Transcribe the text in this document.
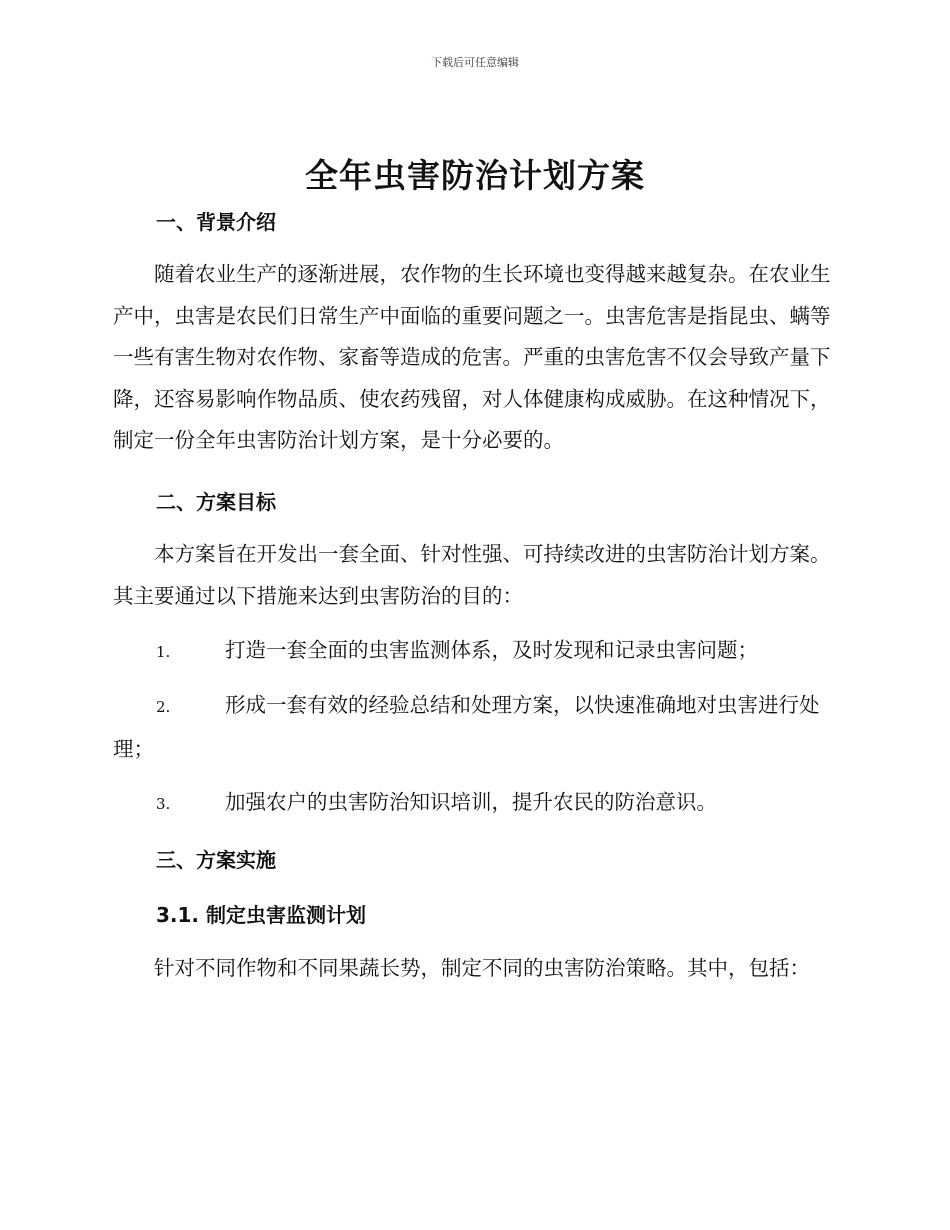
下载后可任意编辑
全年虫害防治计划方案
一、背景介绍
随着农业生产的逐渐进展，农作物的生长环境也变得越来越复杂。在农业生产中，虫害是农民们日常生产中面临的重要问题之一。虫害危害是指昆虫、螨等一些有害生物对农作物、家畜等造成的危害。严重的虫害危害不仅会导致产量下降，还容易影响作物品质、使农药残留，对人体健康构成威胁。在这种情况下，制定一份全年虫害防治计划方案，是十分必要的。
二、方案目标
本方案旨在开发出一套全面、针对性强、可持续改进的虫害防治计划方案。其主要通过以下措施来达到虫害防治的目的：
1.	打造一套全面的虫害监测体系，及时发现和记录虫害问题；
2.	形成一套有效的经验总结和处理方案，以快速准确地对虫害进行处理；
3.	加强农户的虫害防治知识培训，提升农民的防治意识。
三、方案实施
3.1. 制定虫害监测计划
针对不同作物和不同果蔬长势，制定不同的虫害防治策略。其中，包括：
